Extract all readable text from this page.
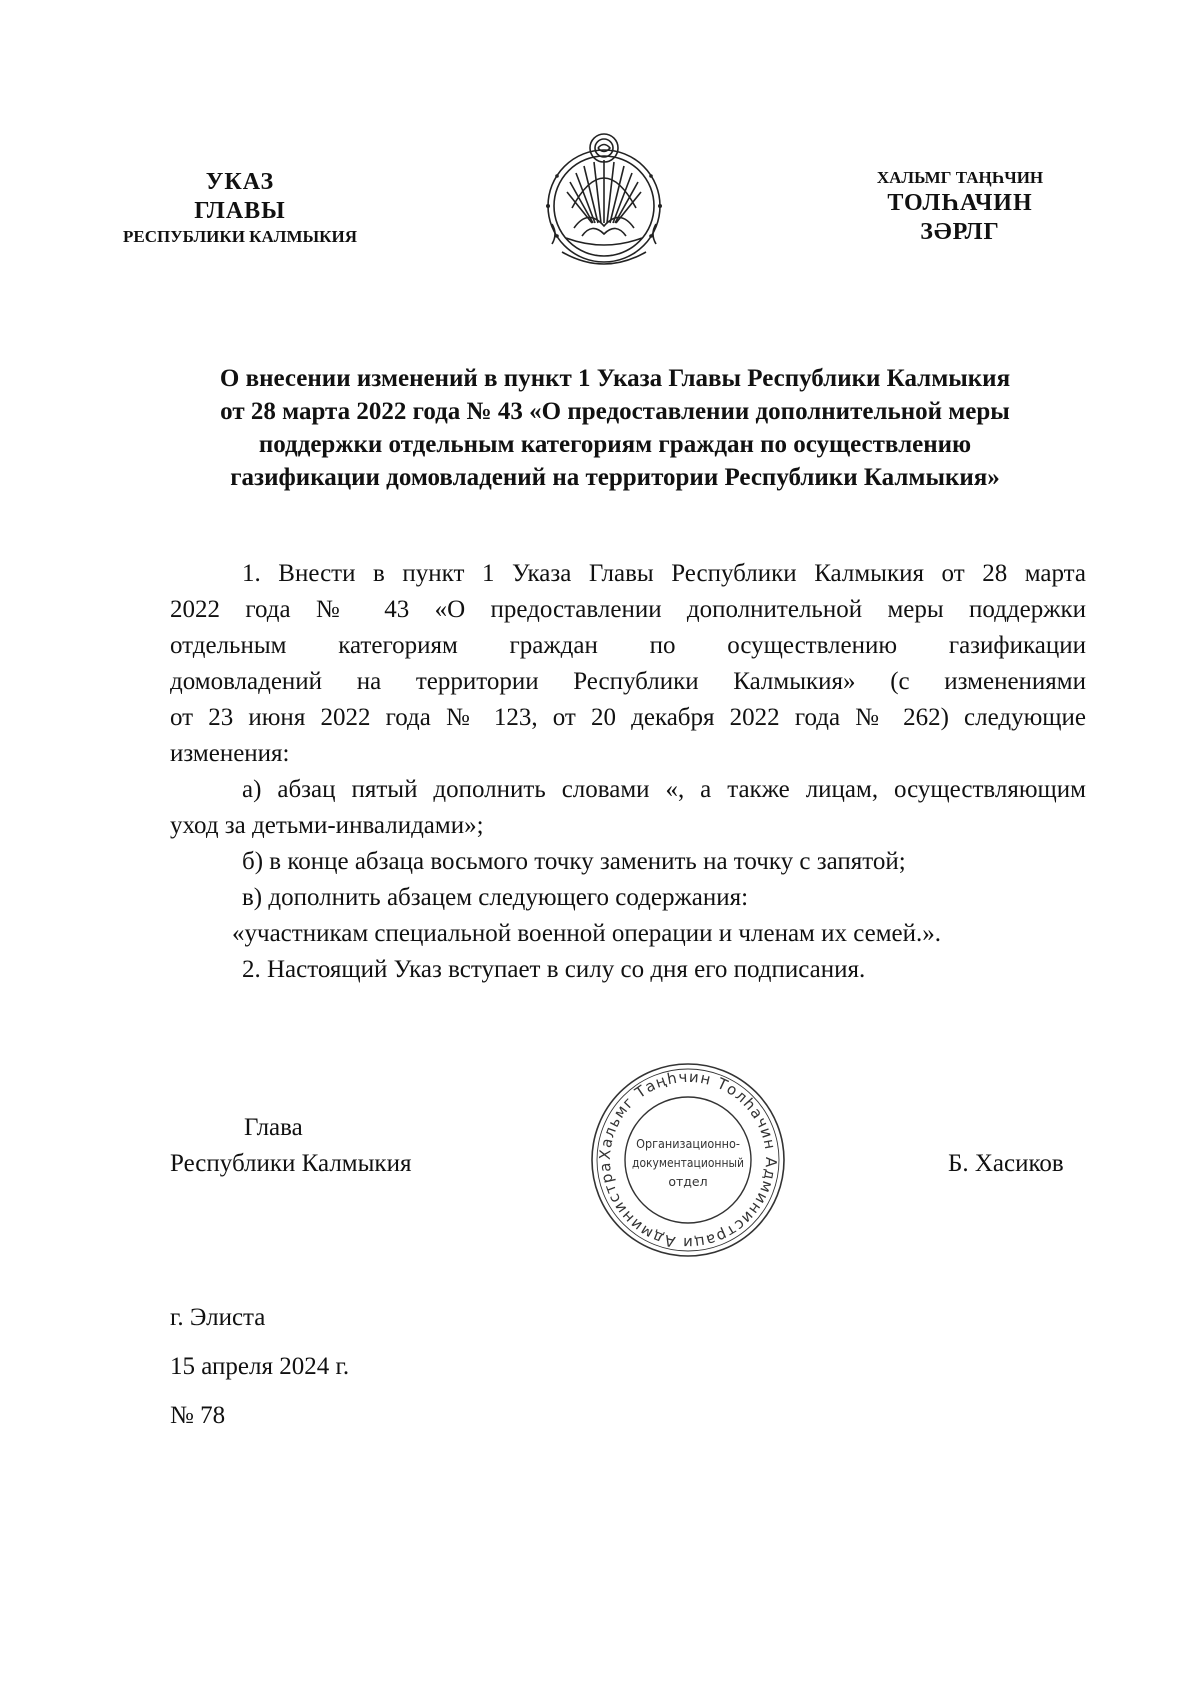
УКАЗ
ГЛАВЫ
РЕСПУБЛИКИ КАЛМЫКИЯ
ХАЛЬМГ ТАҢҺЧИН
ТОЛҺАЧИН
ЗӘРЛГ
О внесении изменений в пункт 1 Указа Главы Республики Калмыкия
от 28 марта 2022 года № 43 «О предоставлении дополнительной меры
поддержки отдельным категориям граждан по осуществлению
газификации домовладений на территории Республики Калмыкия»
1. Внести в пункт 1 Указа Главы Республики Калмыкия от 28 марта
2022 года № 43 «О предоставлении дополнительной меры поддержки
отдельным категориям граждан по осуществлению газификации
домовладений на территории Республики Калмыкия» (с изменениями
от 23 июня 2022 года № 123, от 20 декабря 2022 года № 262) следующие
изменения:
а) абзац пятый дополнить словами «, а также лицам, осуществляющим
уход за детьми-инвалидами»;
б) в конце абзаца восьмого точку заменить на точку с запятой;
в) дополнить абзацем следующего содержания:
«участникам специальной военной операции и членам их семей.».
2. Настоящий Указ вступает в силу со дня его подписания.
Глава
Республики Калмыкия	Хальмг Таңһчин Толһачин Администраци Администра
Организационно-
документационный
отдел
Б. Хасиков
г. Элиста
15 апреля 2024 г.
№ 78
